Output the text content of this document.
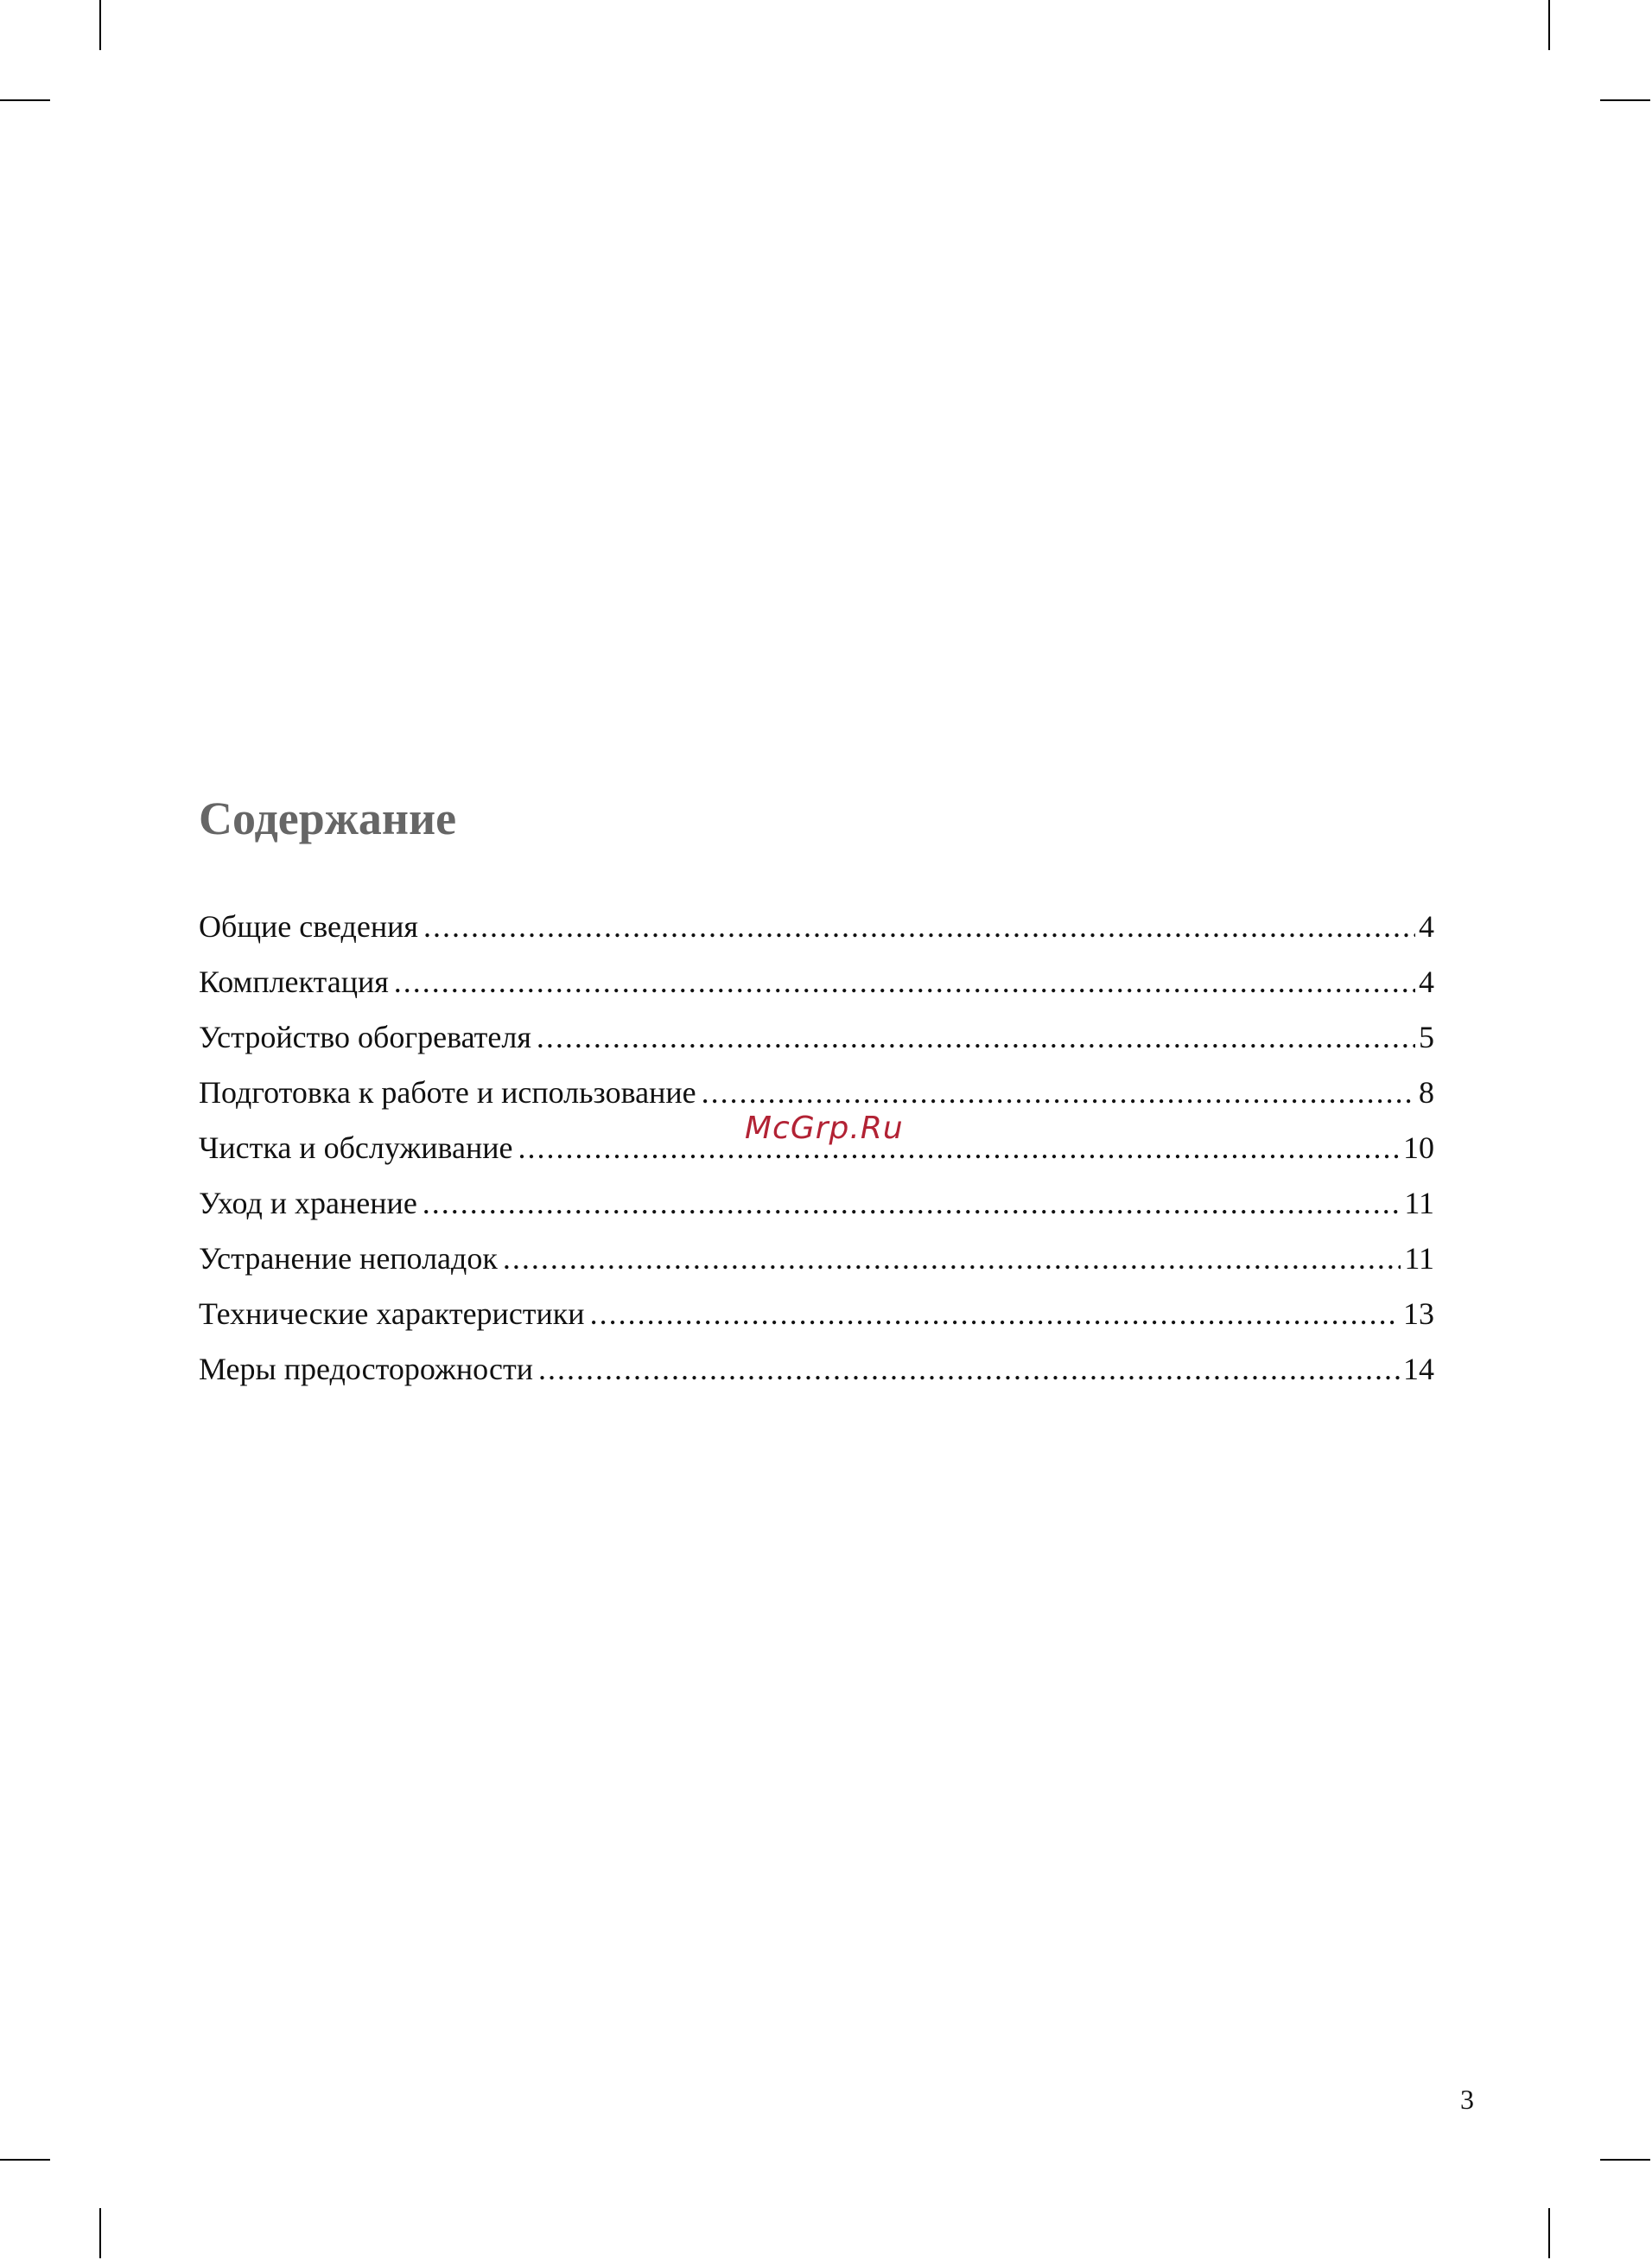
Содержание
Общие сведения .....	4
Комплектация .....	4
Устройство обогревателя .....	5
Подготовка к работе и использование .....	8
Чистка и обслуживание .....	10
Уход и хранение .....	11
Устранение неполадок .....	11
Технические характеристики .....	13
Меры предосторожности .....	14
McGrp.Ru
3
